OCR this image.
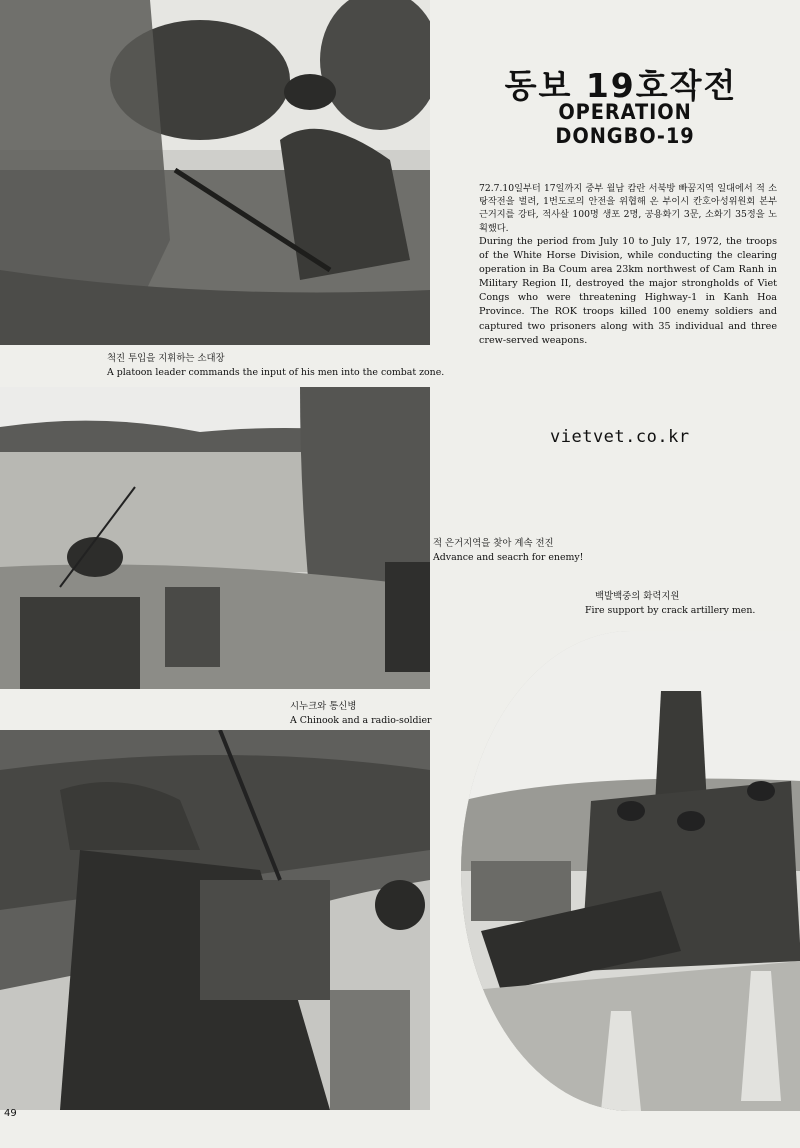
동보 19호작전
OPERATION DONGBO-19

72.7.10일부터 17일까지 중부 월남 캄란 서북방 빠꿈지역 일대에서 적 소탕작전을 벌려, 1번도로의 안전을 위협해 온 부이시 칸호아성위원회 본부 근거지를 강타, 적사살 100명 생포 2명, 공용화기 3문, 소화기 35정을 노획했다.

During the period from July 10 to July 17, 1972, the troops of the White Horse Division, while conducting the clearing operation in Ba Coum area 23km northwest of Cam Ranh in Military Region II, destroyed the major strongholds of Viet Congs who were threatening Highway-1 in Kanh Hoa Province. The ROK troops killed 100 enemy soldiers and captured two prisoners along with 35 individual and three crew-served weapons.

척진 투입을 지휘하는 소대장
A platoon leader commands the input of his men into the combat zone.
vietvet.co.kr
적 은거지역을 찾아 계속 전진
Advance and seacrh for enemy!
백발백중의 화력지원
Fire support by crack artillery men.
시누크와 통신병
A Chinook and a radio-soldier
49
